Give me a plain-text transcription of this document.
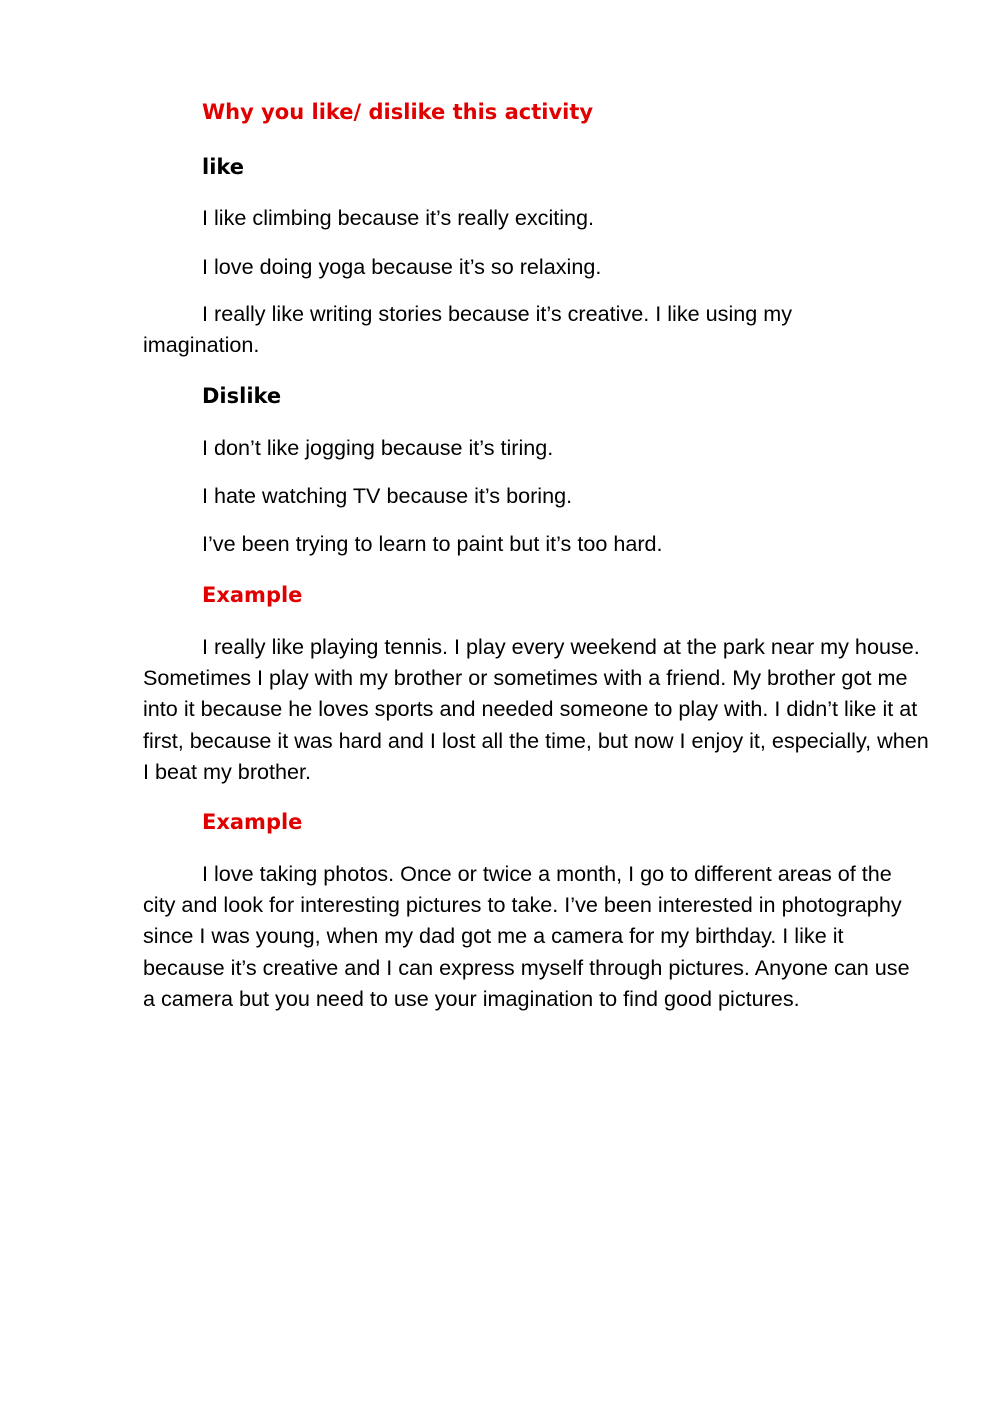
Why you like/ dislike this activity
like

I like climbing because it’s really exciting.

I love doing yoga because it’s so relaxing.

I really like writing stories because it’s creative. I like using my imagination.

Dislike

I don’t like jogging because it’s tiring.

I hate watching TV because it’s boring.

I’ve been trying to learn to paint but it’s too hard.

Example

I really like playing tennis. I play every weekend at the park near my house. Sometimes I play with my brother or sometimes with a friend. My brother got me into it because he loves sports and needed someone to play with. I didn’t like it at first, because it was hard and I lost all the time, but now I enjoy it, especially, when I beat my brother.

Example

I love taking photos. Once or twice a month, I go to different areas of the city and look for interesting pictures to take. I’ve been interested in photography since I was young, when my dad got me a camera for my birthday. I like it because it’s creative and I can express myself through pictures. Anyone can use a camera but you need to use your imagination to find good pictures.
